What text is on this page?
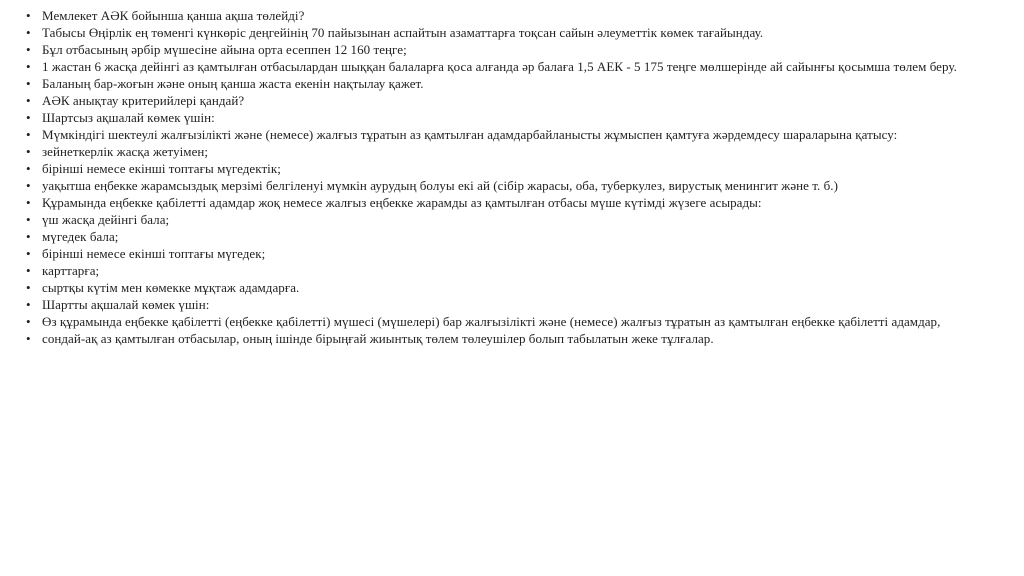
• Мемлекет АӘК бойынша қанша ақша төлейді?
• Табысы Өңірлік ең төменгі күнкөріс деңгейінің 70 пайызынан аспайтын азаматтарға тоқсан сайын әлеуметтік көмек тағайындау.
• Бұл отбасының әрбір мүшесіне айына орта есеппен 12 160 теңге;
• 1 жастан 6 жасқа дейінгі аз қамтылған отбасылардан шыққан балаларға қоса алғанда әр балаға 1,5 АЕК - 5 175 теңге мөлшерінде ай сайынғы қосымша төлем беру.
• Баланың бар-жоғын және оның қанша жаста екенін нақтылау қажет.
• АӘК анықтау критерийлері қандай?
• Шартсыз ақшалай көмек үшін:
• Мүмкіндігі шектеулі жалғызілікті және (немесе) жалғыз тұратын аз қамтылған адамдарбайланысты жұмыспен қамтуға жәрдемдесу шараларына қатысу:
• зейнеткерлік жасқа жетуімен;
• бірінші немесе екінші топтағы мүгедектік;
• уақытша еңбекке жарамсыздық мерзімі белгіленуі мүмкін аурудың болуы екі ай (сібір жарасы, оба, туберкулез, вирустық менингит және т. б.)
• Құрамында еңбекке қабілетті адамдар жоқ немесе жалғыз еңбекке жарамды аз қамтылған отбасы мүше күтімді жүзеге асырады:
• үш жасқа дейінгі бала;
• мүгедек бала;
• бірінші немесе екінші топтағы мүгедек;
• карттарға;
• сыртқы күтім мен көмекке мұқтаж адамдарға.
• Шартты ақшалай көмек үшін:
• Өз құрамында еңбекке қабілетті (еңбекке қабілетті) мүшесі (мүшелері) бар жалғызілікті және (немесе) жалғыз тұратын аз қамтылған еңбекке қабілетті адамдар,
• сондай-ақ аз қамтылған отбасылар, оның ішінде бірыңғай жиынтық төлем төлеушілер болып табылатын жеке тұлғалар.
